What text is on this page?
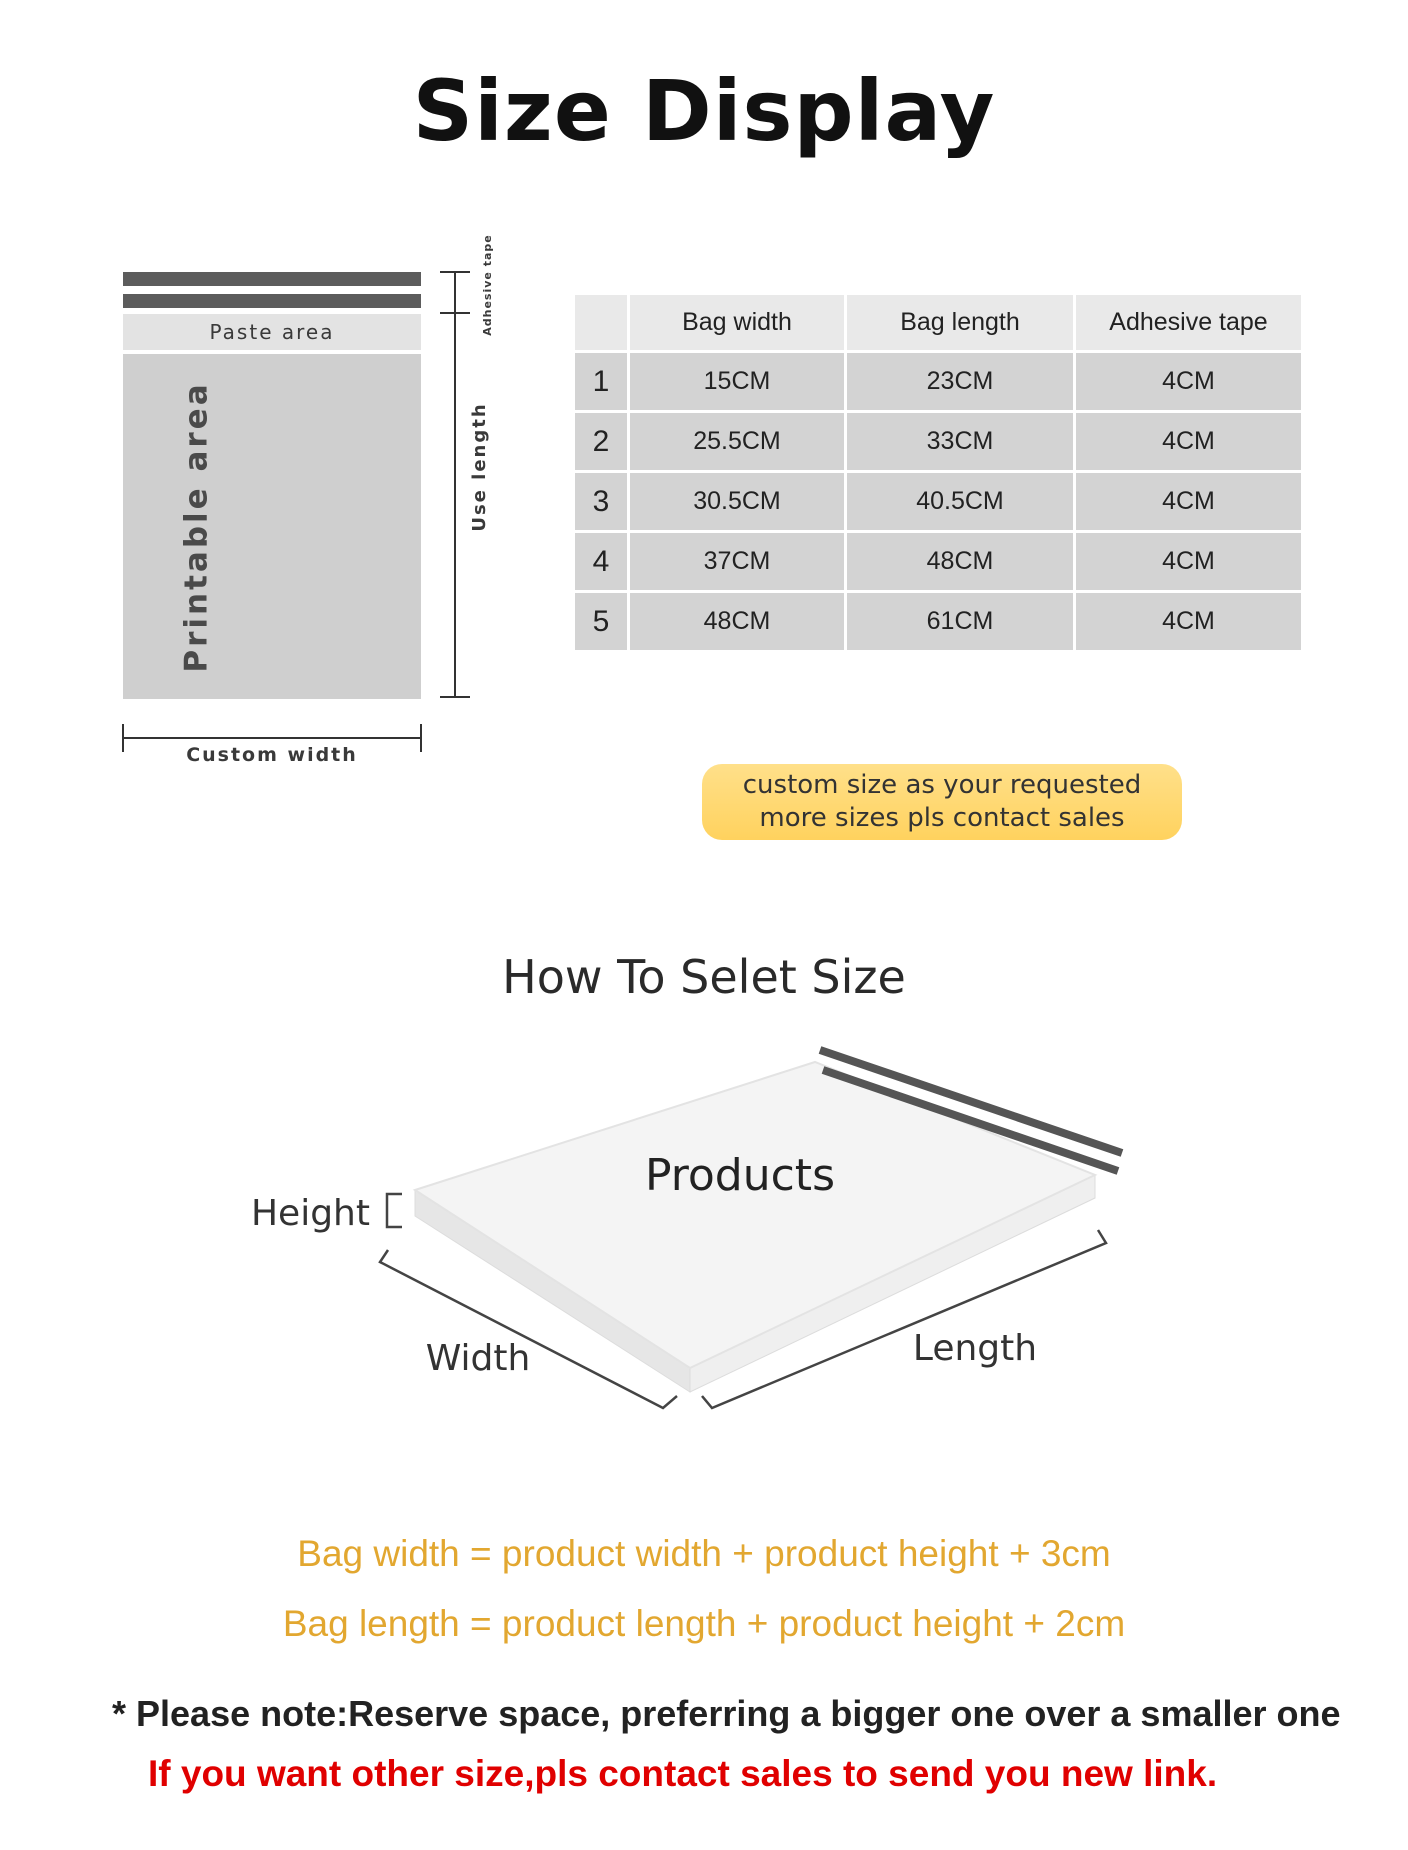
Size Display
Paste area
Printable area
Adhesive tape
Use length
Custom width
	Bag width	Bag length	Adhesive tape
1	15CM	23CM	4CM
2	25.5CM	33CM	4CM
3	30.5CM	40.5CM	4CM
4	37CM	48CM	4CM
5	48CM	61CM	4CM
custom size as your requested
more sizes pls contact sales
How To Selet Size
Products
Height
Width	Length
Bag width = product width + product height + 3cm
Bag length = product length + product height + 2cm
* Please note:Reserve space, preferring a bigger one over a smaller one
If you want other size,pls contact sales to send you new link.
